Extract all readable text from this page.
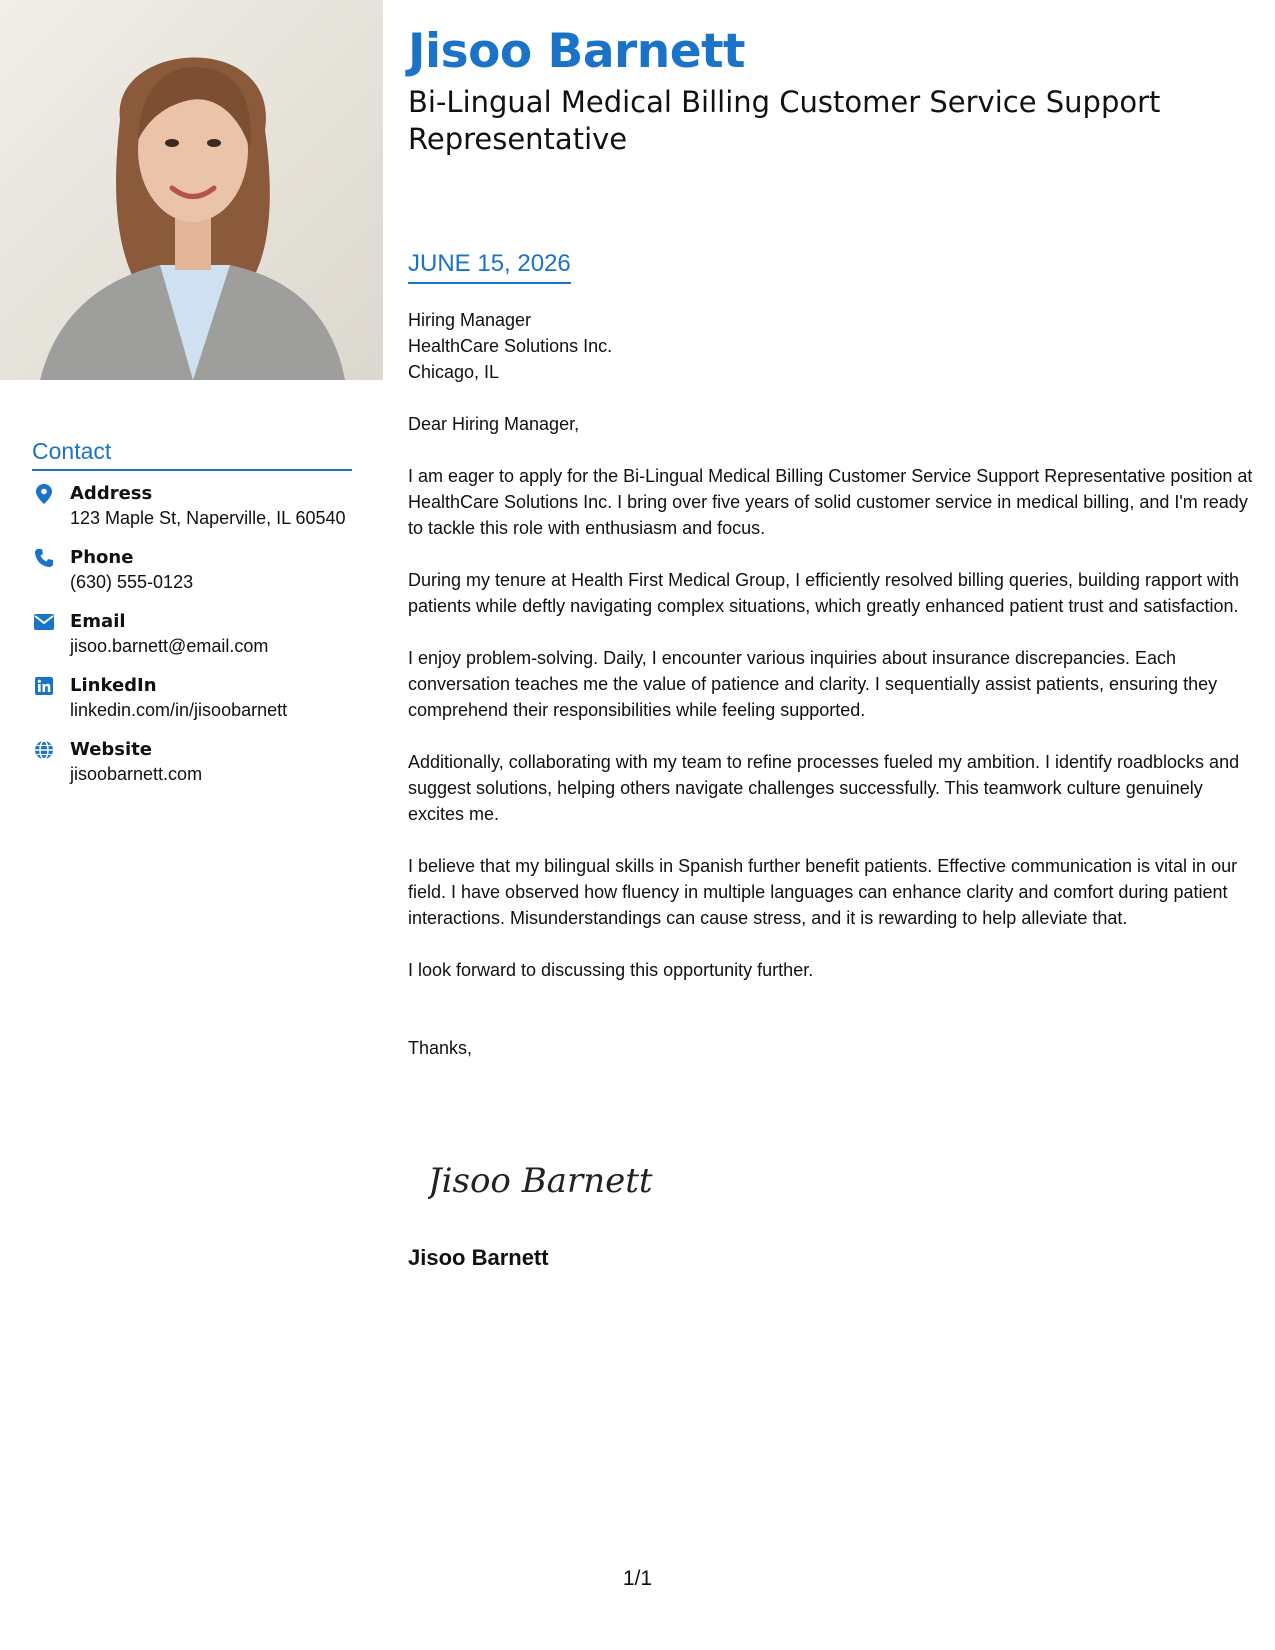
Contact
Address
123 Maple St, Naperville, IL 60540
Phone
(630) 555-0123
Email
jisoo.barnett@email.com
LinkedIn
linkedin.com/in/jisoobarnett
Website
jisoobarnett.com
Jisoo Barnett
Bi-Lingual Medical Billing Customer Service Support Representative
JUNE 15, 2026
Hiring Manager
HealthCare Solutions Inc.
Chicago, IL

Dear Hiring Manager,

I am eager to apply for the Bi-Lingual Medical Billing Customer Service Support Representative position at HealthCare Solutions Inc. I bring over five years of solid customer service in medical billing, and I'm ready to tackle this role with enthusiasm and focus.

During my tenure at Health First Medical Group, I efficiently resolved billing queries, building rapport with patients while deftly navigating complex situations, which greatly enhanced patient trust and satisfaction.

I enjoy problem-solving. Daily, I encounter various inquiries about insurance discrepancies. Each conversation teaches me the value of patience and clarity. I sequentially assist patients, ensuring they comprehend their responsibilities while feeling supported.

Additionally, collaborating with my team to refine processes fueled my ambition. I identify roadblocks and suggest solutions, helping others navigate challenges successfully. This teamwork culture genuinely excites me.

I believe that my bilingual skills in Spanish further benefit patients. Effective communication is vital in our field. I have observed how fluency in multiple languages can enhance clarity and comfort during patient interactions. Misunderstandings can cause stress, and it is rewarding to help alleviate that.

I look forward to discussing this opportunity further.

Thanks,

Jisoo Barnett

Jisoo Barnett

1/1
